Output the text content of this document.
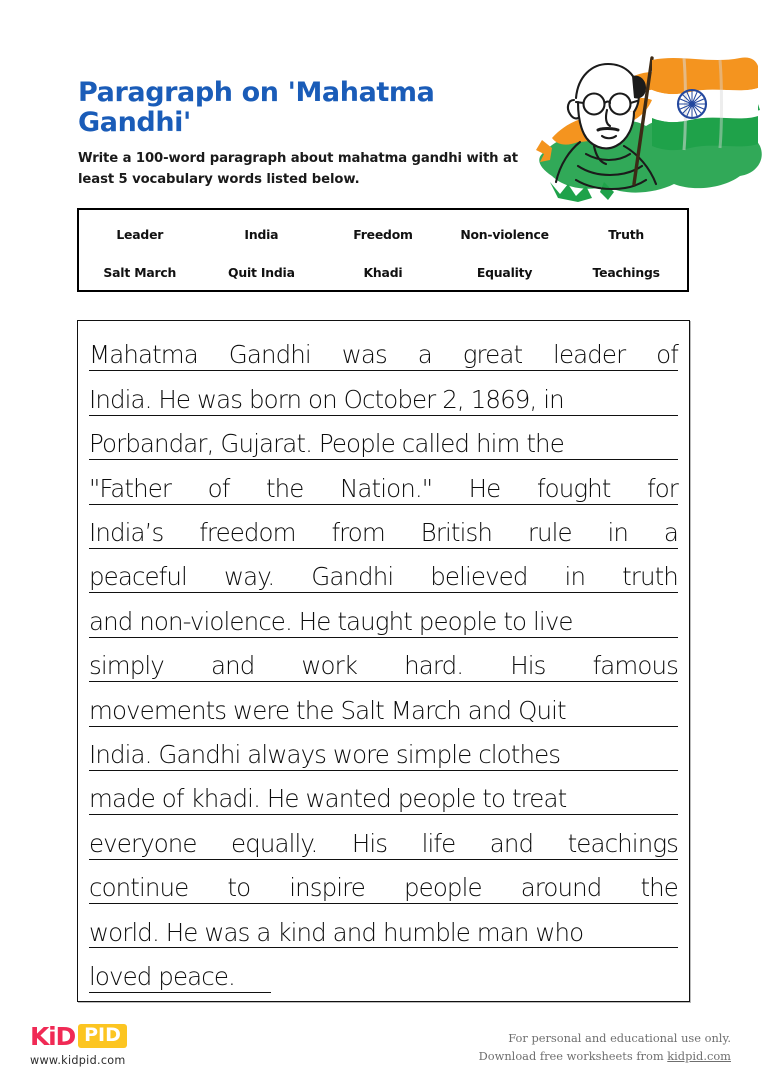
Paragraph on 'Mahatma Gandhi'

Write a 100-word paragraph about mahatma gandhi with at least 5 vocabulary words listed below.

Leader	India	Freedom	Non-violence	Truth
Salt March	Quit India	Khadi	Equality	Teachings
Mahatma Gandhi was a great leader of
India. He was born on October 2, 1869, in
Porbandar, Gujarat. People called him the
"Father of the Nation." He fought for
India’s freedom from British rule in a
peaceful way. Gandhi believed in truth
and non-violence. He taught people to live
simply and work hard. His famous
movements were the Salt March and Quit
India. Gandhi always wore simple clothes
made of khadi. He wanted people to treat
everyone equally. His life and teachings
continue to inspire people around the
world. He was a kind and humble man who
loved peace.
KiD PID
www.kidpid.com
For personal and educational use only.
Download free worksheets from kidpid.com
